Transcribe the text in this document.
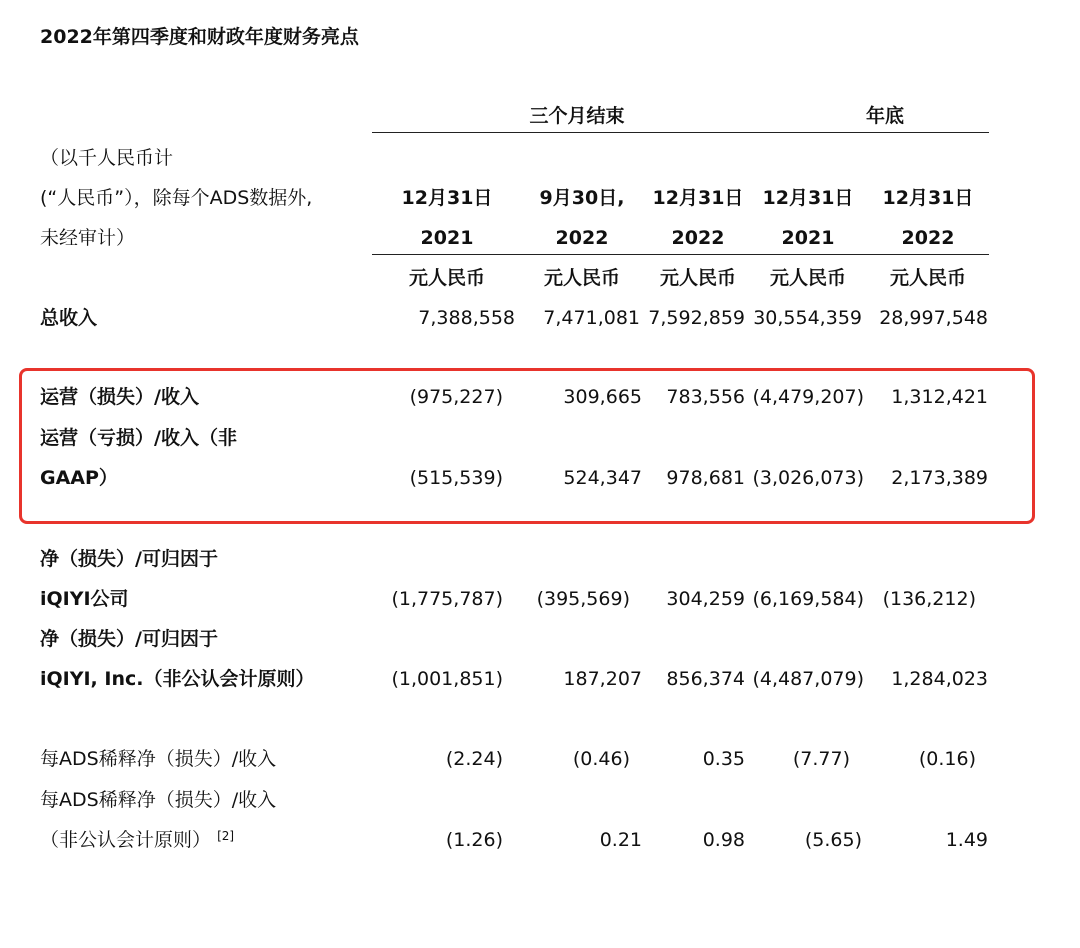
2022年第四季度和财政年度财务亮点
三个月结束	年底
（以千人民币计
(“人民币”），除每个ADS数据外,
未经审计）
12月31日	9月30日,	12月31日 12月31日 12月31日
2021	2022	2022	2021	2022
元人民币	元人民币	元人民币	元人民币	元人民币
总收入	7,388,558	7,471,081 7,592,859 30,554,359 28,997,548
运营（损失）/收入	(975,227)	309,665	783,556 (4,479,207)	1,312,421
运营（亏损）/收入（非
GAAP）	(515,539)	524,347	978,681 (3,026,073)	2,173,389
净（损失）/可归因于
iQIYI公司	(1,775,787)	(395,569)	304,259 (6,169,584) (136,212)
净（损失）/可归因于
iQIYI, Inc.（非公认会计原则）	(1,001,851)	187,207	856,374 (4,487,079)	1,284,023
每ADS稀释净（损失）/收入	(2.24)	(0.46)	0.35	(7.77)	(0.16)
每ADS稀释净（损失）/收入
（非公认会计原则） [2]	(1.26)	0.21	0.98	(5.65)	1.49
